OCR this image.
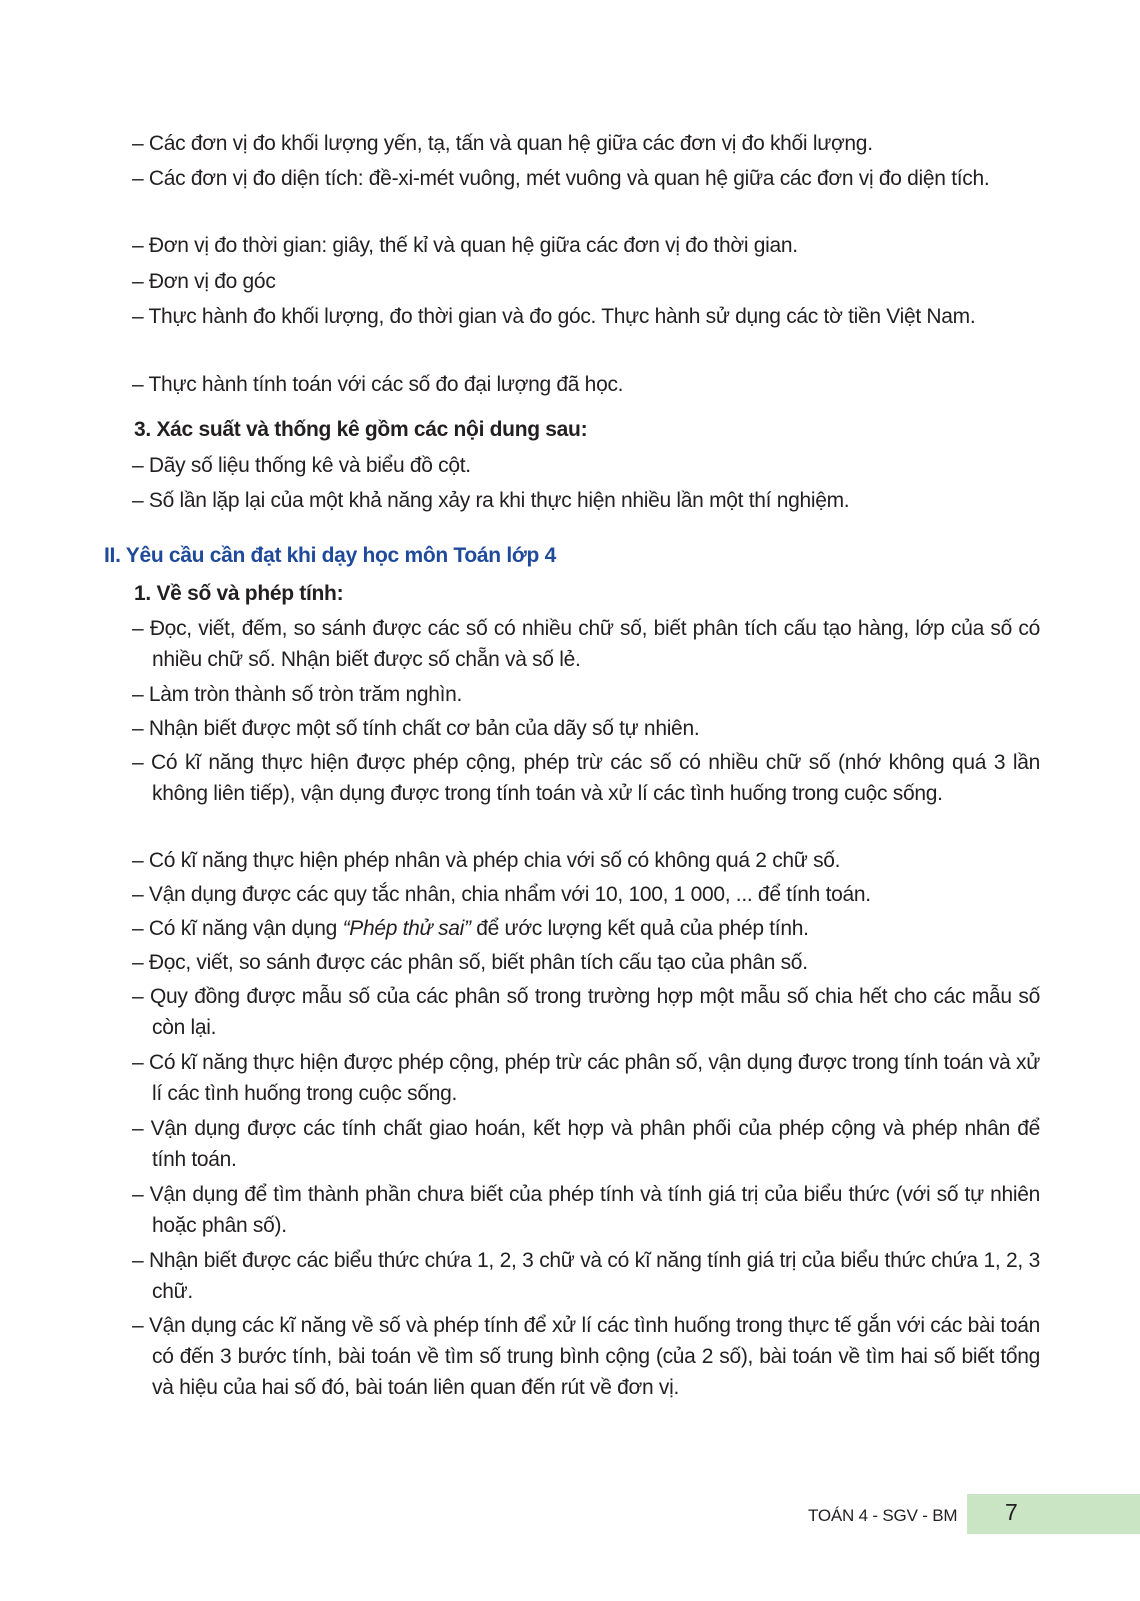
– Các đơn vị đo khối lượng yến, tạ, tấn và quan hệ giữa các đơn vị đo khối lượng.
– Các đơn vị đo diện tích: đề-xi-mét vuông, mét vuông và quan hệ giữa các đơn vị đo diện tích.
– Đơn vị đo thời gian: giây, thế kỉ và quan hệ giữa các đơn vị đo thời gian.
– Đơn vị đo góc
– Thực hành đo khối lượng, đo thời gian và đo góc. Thực hành sử dụng các tờ tiền Việt Nam.
– Thực hành tính toán với các số đo đại lượng đã học.
3. Xác suất và thống kê gồm các nội dung sau:
– Dãy số liệu thống kê và biểu đồ cột.
– Số lần lặp lại của một khả năng xảy ra khi thực hiện nhiều lần một thí nghiệm.
II. Yêu cầu cần đạt khi dạy học môn Toán lớp 4
1. Về số và phép tính:
– Đọc, viết, đếm, so sánh được các số có nhiều chữ số, biết phân tích cấu tạo hàng, lớp của số có nhiều chữ số. Nhận biết được số chẵn và số lẻ.
– Làm tròn thành số tròn trăm nghìn.
– Nhận biết được một số tính chất cơ bản của dãy số tự nhiên.
– Có kĩ năng thực hiện được phép cộng, phép trừ các số có nhiều chữ số (nhớ không quá 3 lần không liên tiếp), vận dụng được trong tính toán và xử lí các tình huống trong cuộc sống.
– Có kĩ năng thực hiện phép nhân và phép chia với số có không quá 2 chữ số.
– Vận dụng được các quy tắc nhân, chia nhẩm với 10, 100, 1 000, ... để tính toán.
– Có kĩ năng vận dụng “Phép thử sai” để ước lượng kết quả của phép tính.
– Đọc, viết, so sánh được các phân số, biết phân tích cấu tạo của phân số.
– Quy đồng được mẫu số của các phân số trong trường hợp một mẫu số chia hết cho các mẫu số còn lại.
– Có kĩ năng thực hiện được phép cộng, phép trừ các phân số, vận dụng được trong tính toán và xử lí các tình huống trong cuộc sống.
– Vận dụng được các tính chất giao hoán, kết hợp và phân phối của phép cộng và phép nhân để tính toán.
– Vận dụng để tìm thành phần chưa biết của phép tính và tính giá trị của biểu thức (với số tự nhiên hoặc phân số).
– Nhận biết được các biểu thức chứa 1, 2, 3 chữ và có kĩ năng tính giá trị của biểu thức chứa 1, 2, 3 chữ.
– Vận dụng các kĩ năng về số và phép tính để xử lí các tình huống trong thực tế gắn với các bài toán có đến 3 bước tính, bài toán về tìm số trung bình cộng (của 2 số), bài toán về tìm hai số biết tổng và hiệu của hai số đó, bài toán liên quan đến rút về đơn vị.
TOÁN 4 - SGV - BM 7
